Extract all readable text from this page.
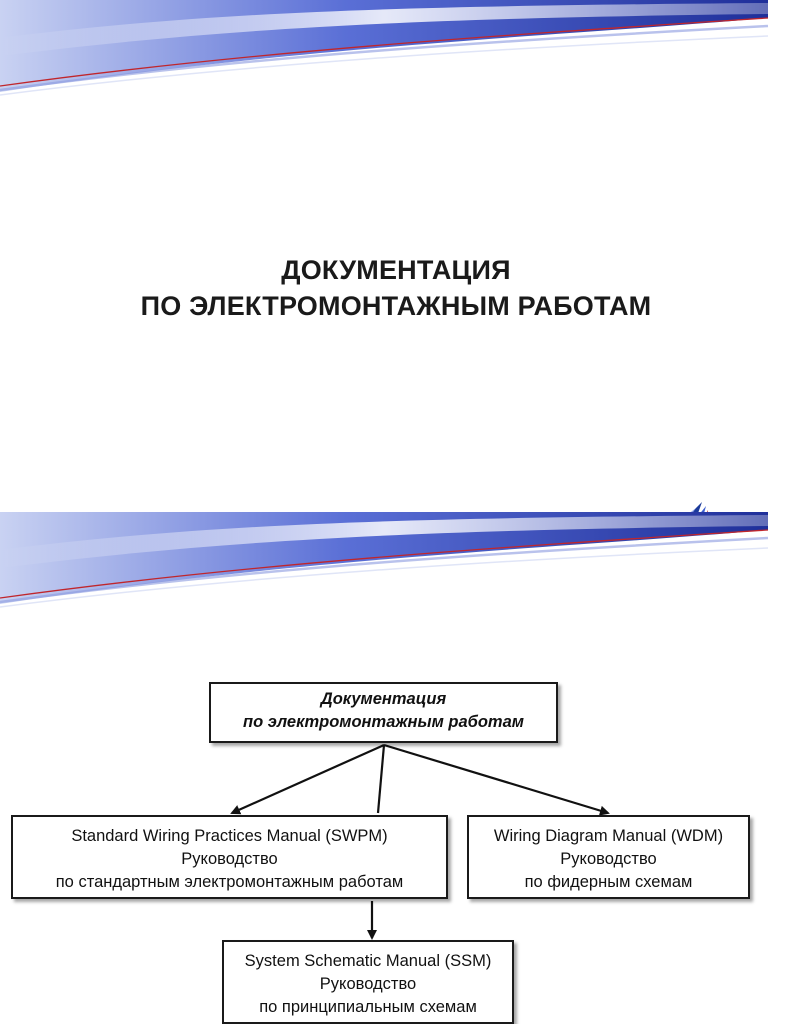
ДОКУМЕНТАЦИЯ
ПО ЭЛЕКТРОМОНТАЖНЫМ РАБОТАМ
Документация
по электромонтажным работам
Standard Wiring Practices Manual (SWPM)
Руководство
по стандартным электромонтажным работам
Wiring Diagram Manual (WDM)
Руководство
по фидерным схемам
System Schematic Manual (SSM)
Руководство
по принципиальным схемам
